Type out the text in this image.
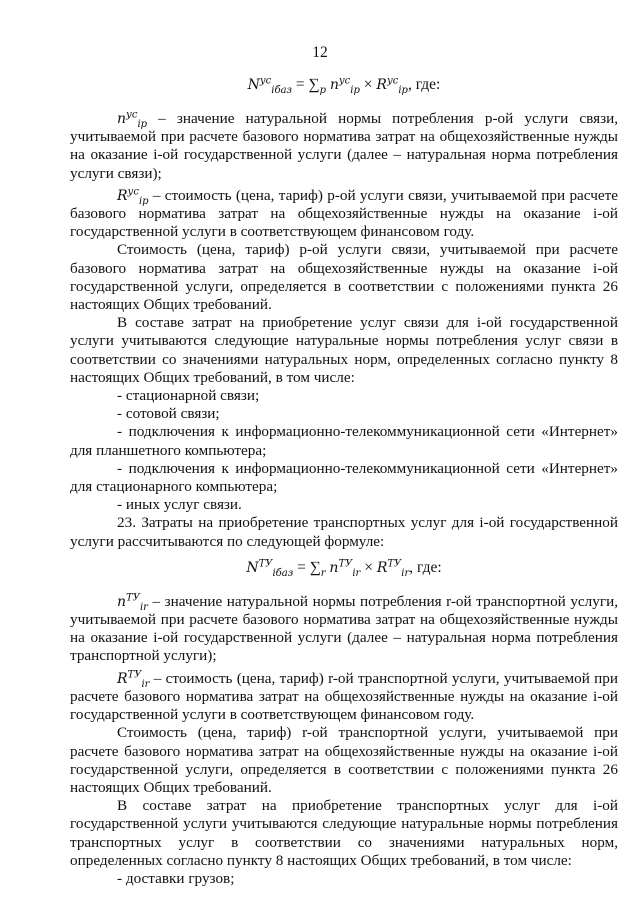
12
$N^{ус}_{iбаз} = \sum_p$ $n^{ус}_{ip} \times R^{ус}_{ip}$, где:

$n^{ус}_{ip}$ – значение натуральной нормы потребления p-ой услуги связи, учитываемой при расчете базового норматива затрат на общехозяйственные нужды на оказание i-ой государственной услуги (далее – натуральная норма потребления услуги связи);

$R^{ус}_{ip}$ – стоимость (цена, тариф) p-ой услуги связи, учитываемой при расчете базового норматива затрат на общехозяйственные нужды на оказание i-ой государственной услуги в соответствующем финансовом году.

Стоимость (цена, тариф) p-ой услуги связи, учитываемой при расчете базового норматива затрат на общехозяйственные нужды на оказание i-ой государственной услуги, определяется в соответствии с положениями пункта 26 настоящих Общих требований.

В составе затрат на приобретение услуг связи для i-ой государственной услуги учитываются следующие натуральные нормы потребления услуг связи в соответствии со значениями натуральных норм, определенных согласно пункту 8 настоящих Общих требований, в том числе:

- стационарной связи;

- сотовой связи;

- подключения к информационно-телекоммуникационной сети «Интернет» для планшетного компьютера;

- подключения к информационно-телекоммуникационной сети «Интернет» для стационарного компьютера;

- иных услуг связи.

23. Затраты на приобретение транспортных услуг для i-ой государственной услуги рассчитываются по следующей формуле:

$N^{ТУ}_{iбаз} = \sum_r$ $n^{ТУ}_{ir} \times R^{ТУ}_{ir}$, где:

$n^{ТУ}_{ir}$ – значение натуральной нормы потребления r-ой транспортной услуги, учитываемой при расчете базового норматива затрат на общехозяйственные нужды на оказание i-ой государственной услуги (далее – натуральная норма потребления транспортной услуги);

$R^{ТУ}_{ir}$ – стоимость (цена, тариф) r-ой транспортной услуги, учитываемой при расчете базового норматива затрат на общехозяйственные нужды на оказание i-ой государственной услуги в соответствующем финансовом году.

Стоимость (цена, тариф) r-ой транспортной услуги, учитываемой при расчете базового норматива затрат на общехозяйственные нужды на оказание i-ой государственной услуги, определяется в соответствии с положениями пункта 26 настоящих Общих требований.

В составе затрат на приобретение транспортных услуг для i-ой государственной услуги учитываются следующие натуральные нормы потребления транспортных услуг в соответствии со значениями натуральных норм, определенных согласно пункту 8 настоящих Общих требований, в том числе:

- доставки грузов;
